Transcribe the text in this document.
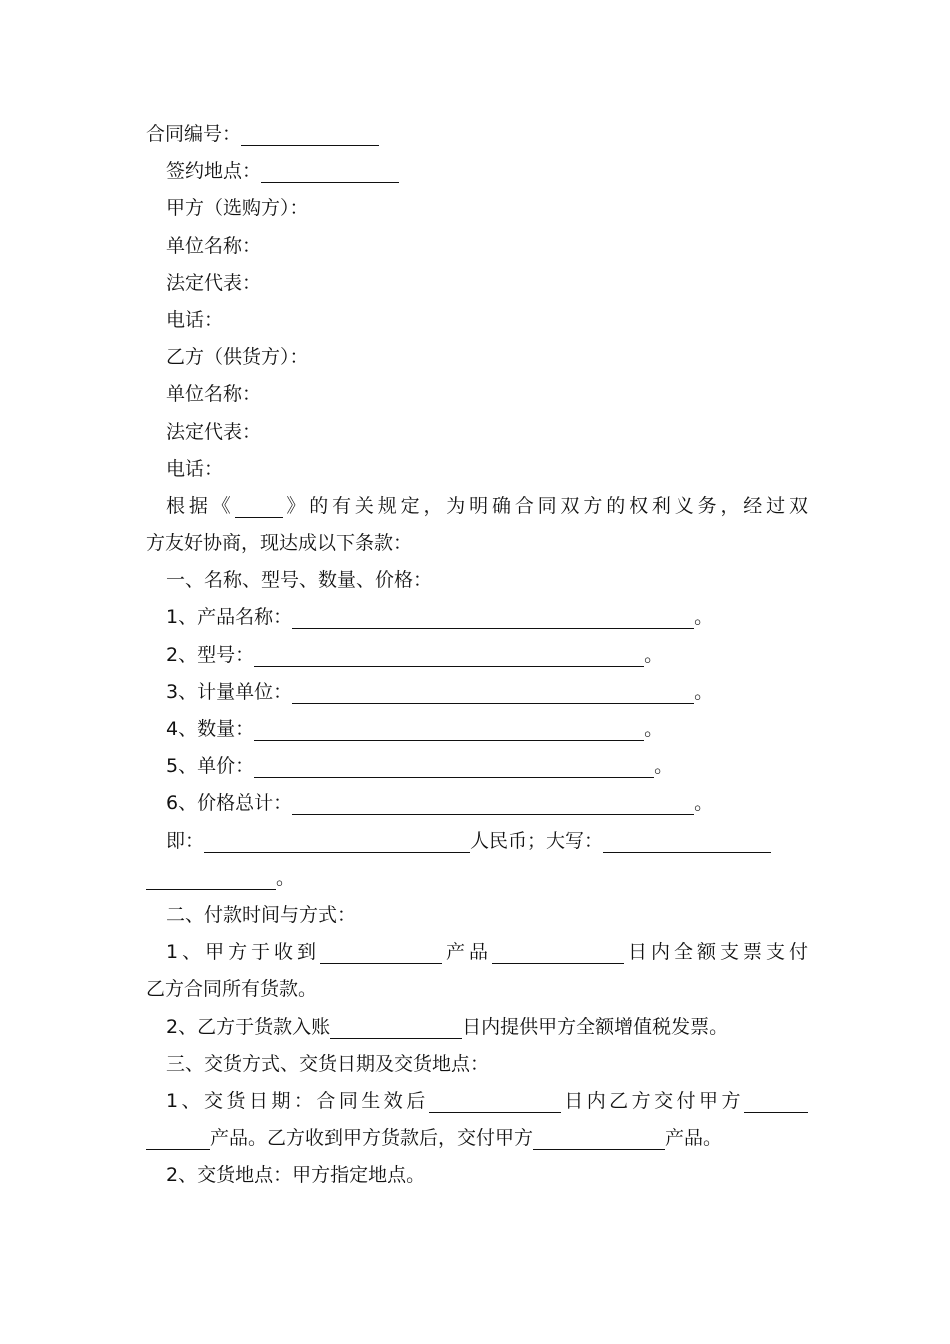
合同编号：
签约地点：
甲方（选购方）：
单位名称：
法定代表：
电话：
乙方（供货方）：
单位名称：
法定代表：
电话：
根据《	》的有关规定，为明确合同双方的权利义务，经过双
方友好协商，现达成以下条款：
一、名称、型号、数量、价格：
1、产品名称：	。
2、型号：	。
3、计量单位：	。
4、数量：	。
5、单价：	。
6、价格总计：	。
即：	人民币；大写：
。
二、付款时间与方式：
1、甲方于收到	产品	日内全额支票支付
乙方合同所有货款。
2、乙方于货款入账	日内提供甲方全额增值税发票。
三、交货方式、交货日期及交货地点：
1、交货日期：合同生效后	日内乙方交付甲方
产品。乙方收到甲方货款后，交付甲方	产品。
2、交货地点：甲方指定地点。
